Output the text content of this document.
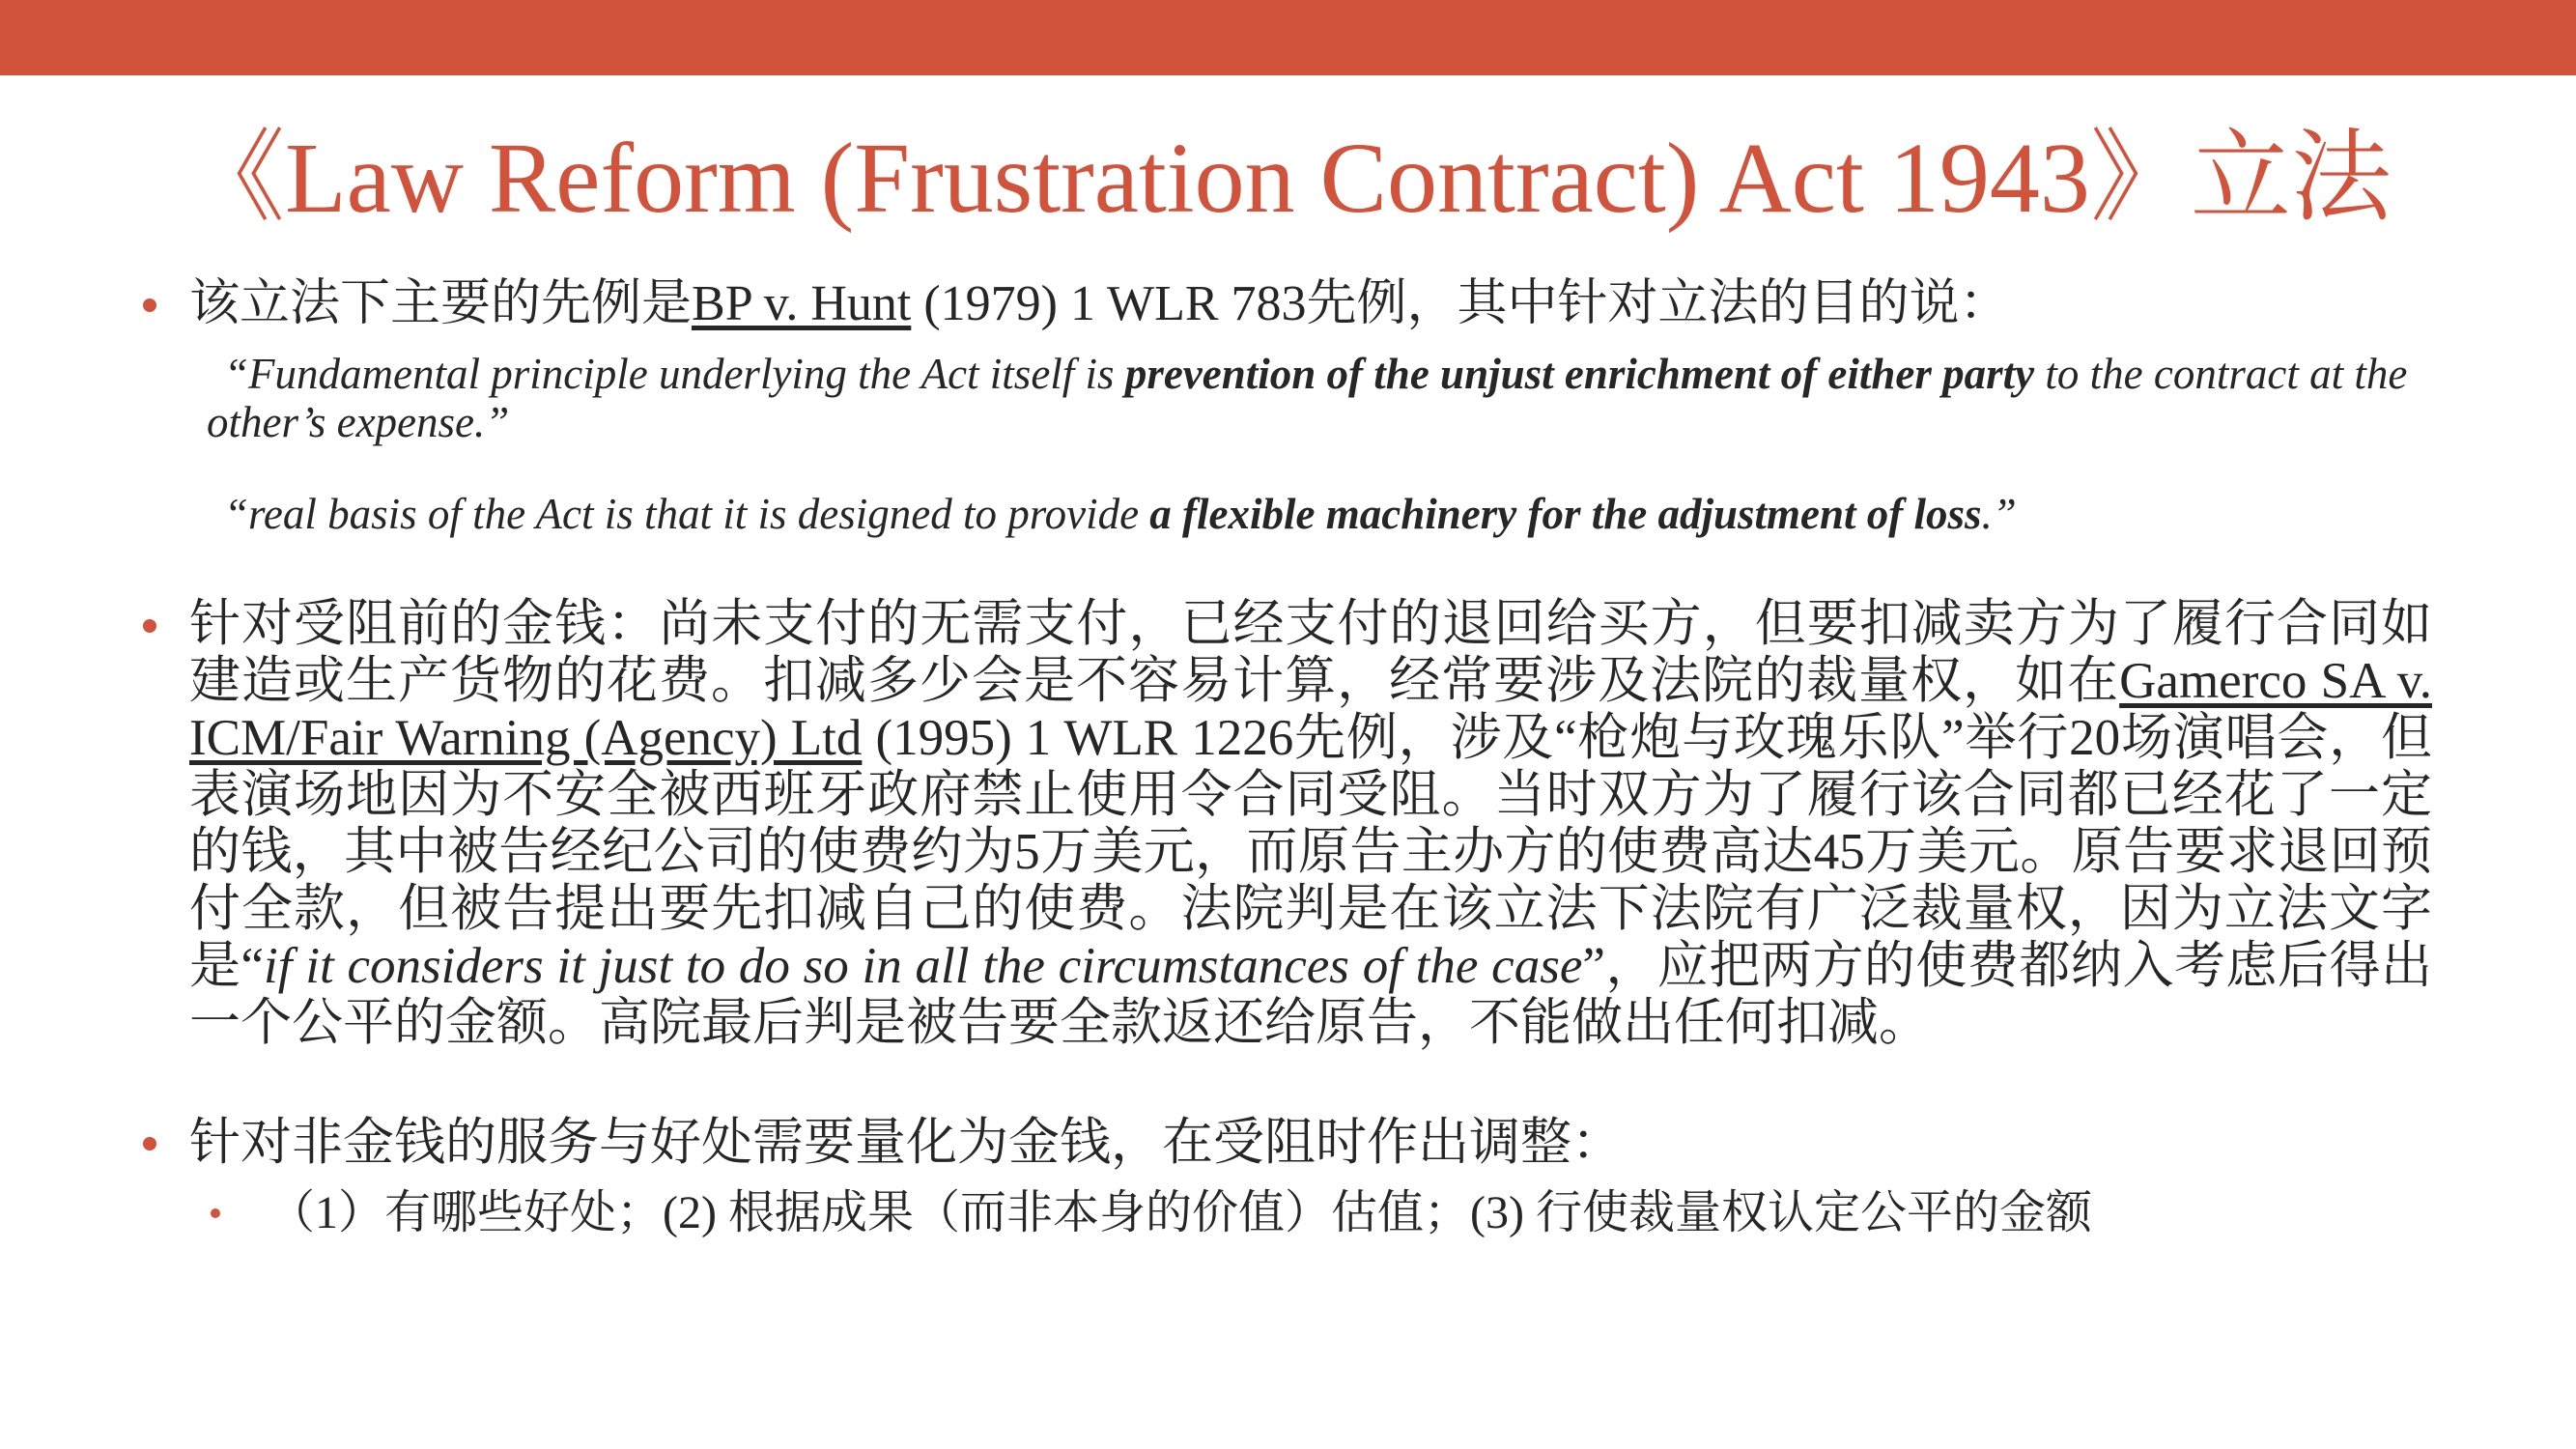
《Law Reform (Frustration Contract) Act 1943》立法

该立法下主要的先例是BP v. Hunt (1979) 1 WLR 783先例，其中针对立法的目的说：

“Fundamental principle underlying the Act itself is prevention of the unjust enrichment of either party to the contract at the other’s expense.”

“real basis of the Act is that it is designed to provide a flexible machinery for the adjustment of loss.”

针对受阻前的金钱：尚未支付的无需支付，已经支付的退回给买方，但要扣减卖方为了履行合同如建造或生产货物的花费。扣减多少会是不容易计算，经常要涉及法院的裁量权，如在Gamerco SA v. ICM/Fair Warning (Agency) Ltd (1995) 1 WLR 1226先例，涉及“枪炮与玫瑰乐队”举行20场演唱会，但表演场地因为不安全被西班牙政府禁止使用令合同受阻。当时双方为了履行该合同都已经花了一定的钱，其中被告经纪公司的使费约为5万美元，而原告主办方的使费高达45万美元。原告要求退回预付全款，但被告提出要先扣减自己的使费。法院判是在该立法下法院有广泛裁量权，因为立法文字是“if it considers it just to do so in all the circumstances of the case”，应把两方的使费都纳入考虑后得出一个公平的金额。高院最后判是被告要全款返还给原告，不能做出任何扣减。

针对非金钱的服务与好处需要量化为金钱，在受阻时作出调整：

（1）有哪些好处；(2) 根据成果（而非本身的价值）估值；(3) 行使裁量权认定公平的金额
